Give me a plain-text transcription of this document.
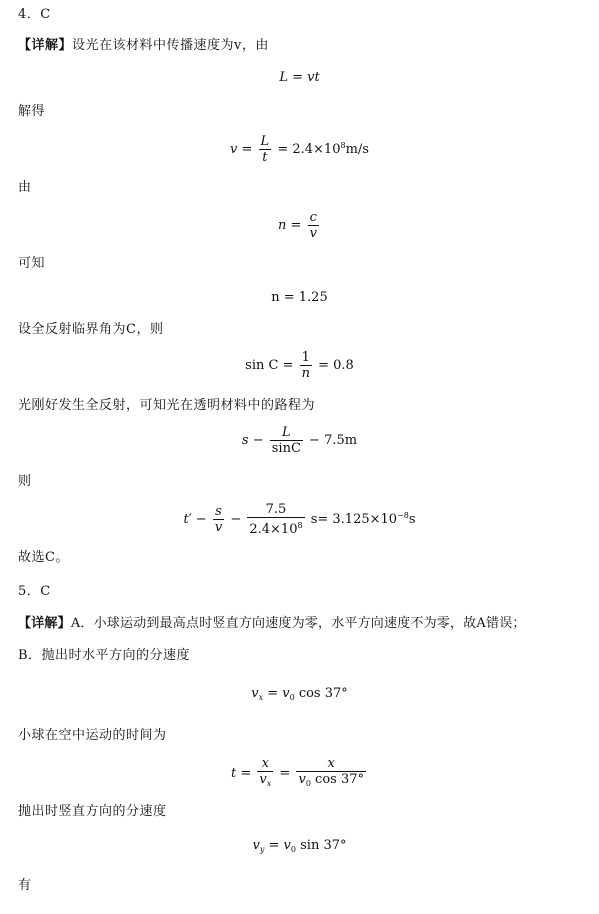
4．C
【详解】设光在该材料中传播速度为v，由
L = vt
解得
$v = \frac{L}{t} = 2.4\times 10^8m/s$
由
$n = \frac{c}{v}$
可知
n = 1.25
设全反射临界角为C，则
$\sin C = \frac{1}{n} = 0.8$
光刚好发生全反射，可知光在透明材料中的路程为
$s - \frac{L}{\sin C} - 7.5m$
则
$t' - \frac{s}{v} - \frac{7.5}{2.4\times 10^8} s= 3.125\times 10^{-8}s$
故选C。
5．C
【详解】A．小球运动到最高点时竖直方向速度为零，水平方向速度不为零，故A错误；
B．抛出时水平方向的分速度
$v_x = v_0$ cos 37°
小球在空中运动的时间为
$t = \frac{x}{v_x} = \frac{x}{v_0 \cos 37^\circ}$
抛出时竖直方向的分速度
$v_y = v_0$ sin 37°
有
